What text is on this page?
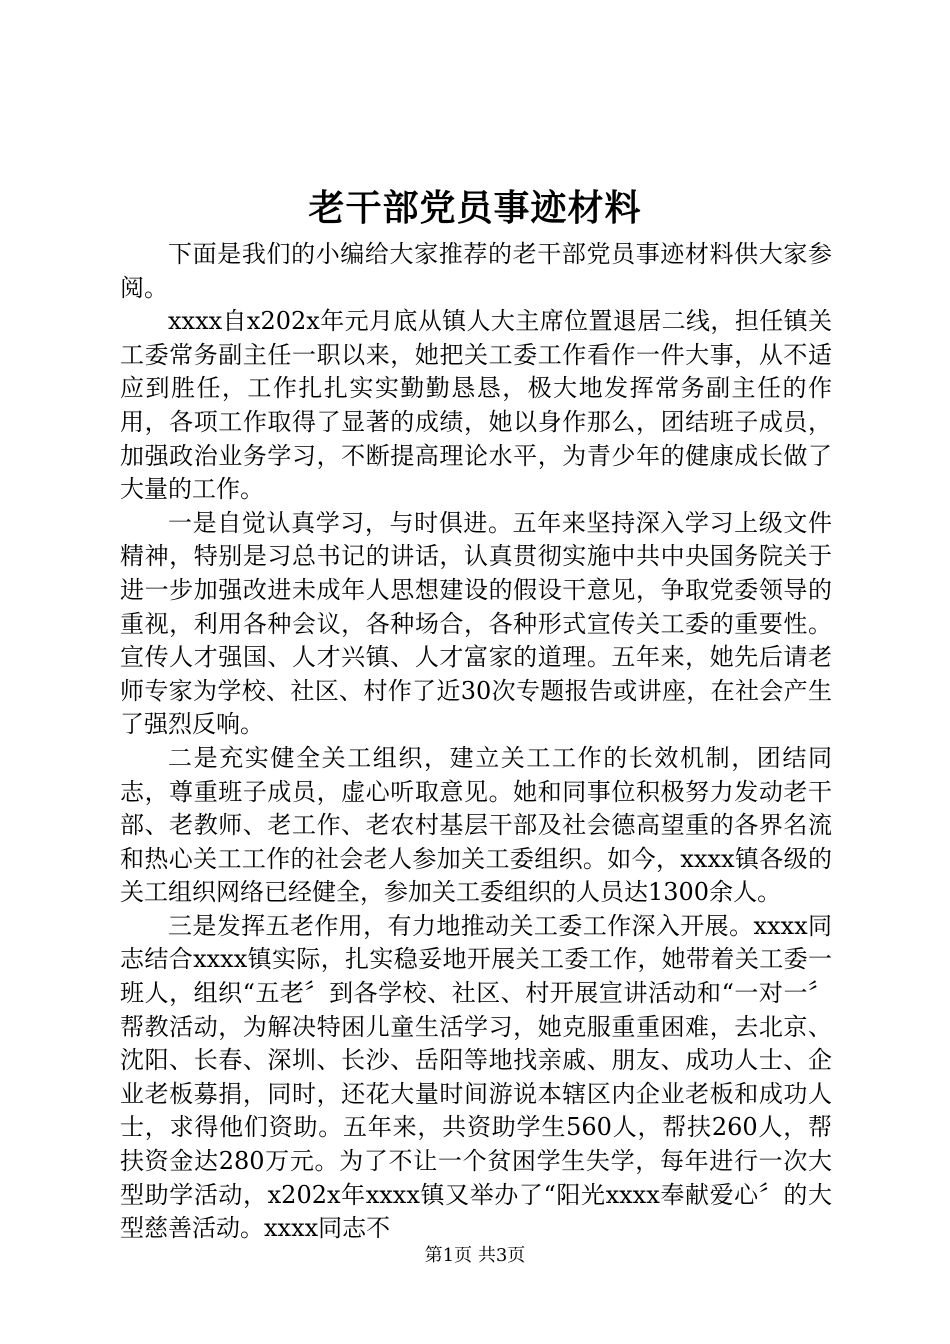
老干部党员事迹材料

下面是我们的小编给大家推荐的老干部党员事迹材料供大家参阅。

xxxx自x202x年元月底从镇人大主席位置退居二线，担任镇关工委常务副主任一职以来，她把关工委工作看作一件大事，从不适应到胜任，工作扎扎实实勤勤恳恳，极大地发挥常务副主任的作用，各项工作取得了显著的成绩，她以身作那么，团结班子成员，加强政治业务学习，不断提高理论水平，为青少年的健康成长做了大量的工作。

一是自觉认真学习，与时俱进。五年来坚持深入学习上级文件精神，特别是习总书记的讲话，认真贯彻实施中共中央国务院关于进一步加强改进未成年人思想建设的假设干意见，争取党委领导的重视，利用各种会议，各种场合，各种形式宣传关工委的重要性。宣传人才强国、人才兴镇、人才富家的道理。五年来，她先后请老师专家为学校、社区、村作了近30次专题报告或讲座，在社会产生了强烈反响。

二是充实健全关工组织，建立关工工作的长效机制，团结同志，尊重班子成员，虚心听取意见。她和同事位积极努力发动老干部、老教师、老工作、老农村基层干部及社会德高望重的各界名流和热心关工工作的社会老人参加关工委组织。如今，xxxx镇各级的关工组织网络已经健全，参加关工委组织的人员达1300余人。

三是发挥五老作用，有力地推动关工委工作深入开展。xxxx同志结合xxxx镇实际，扎实稳妥地开展关工委工作，她带着关工委一班人，组织“五老〞到各学校、社区、村开展宣讲活动和“一对一〞帮教活动，为解决特困儿童生活学习，她克服重重困难，去北京、沈阳、长春、深圳、长沙、岳阳等地找亲戚、朋友、成功人士、企业老板募捐，同时，还花大量时间游说本辖区内企业老板和成功人士，求得他们资助。五年来，共资助学生560人，帮扶260人，帮扶资金达280万元。为了不让一个贫困学生失学，每年进行一次大型助学活动，x202x年xxxx镇又举办了“阳光xxxx奉献爱心〞的大型慈善活动。xxxx同志不

第1页 共3页
